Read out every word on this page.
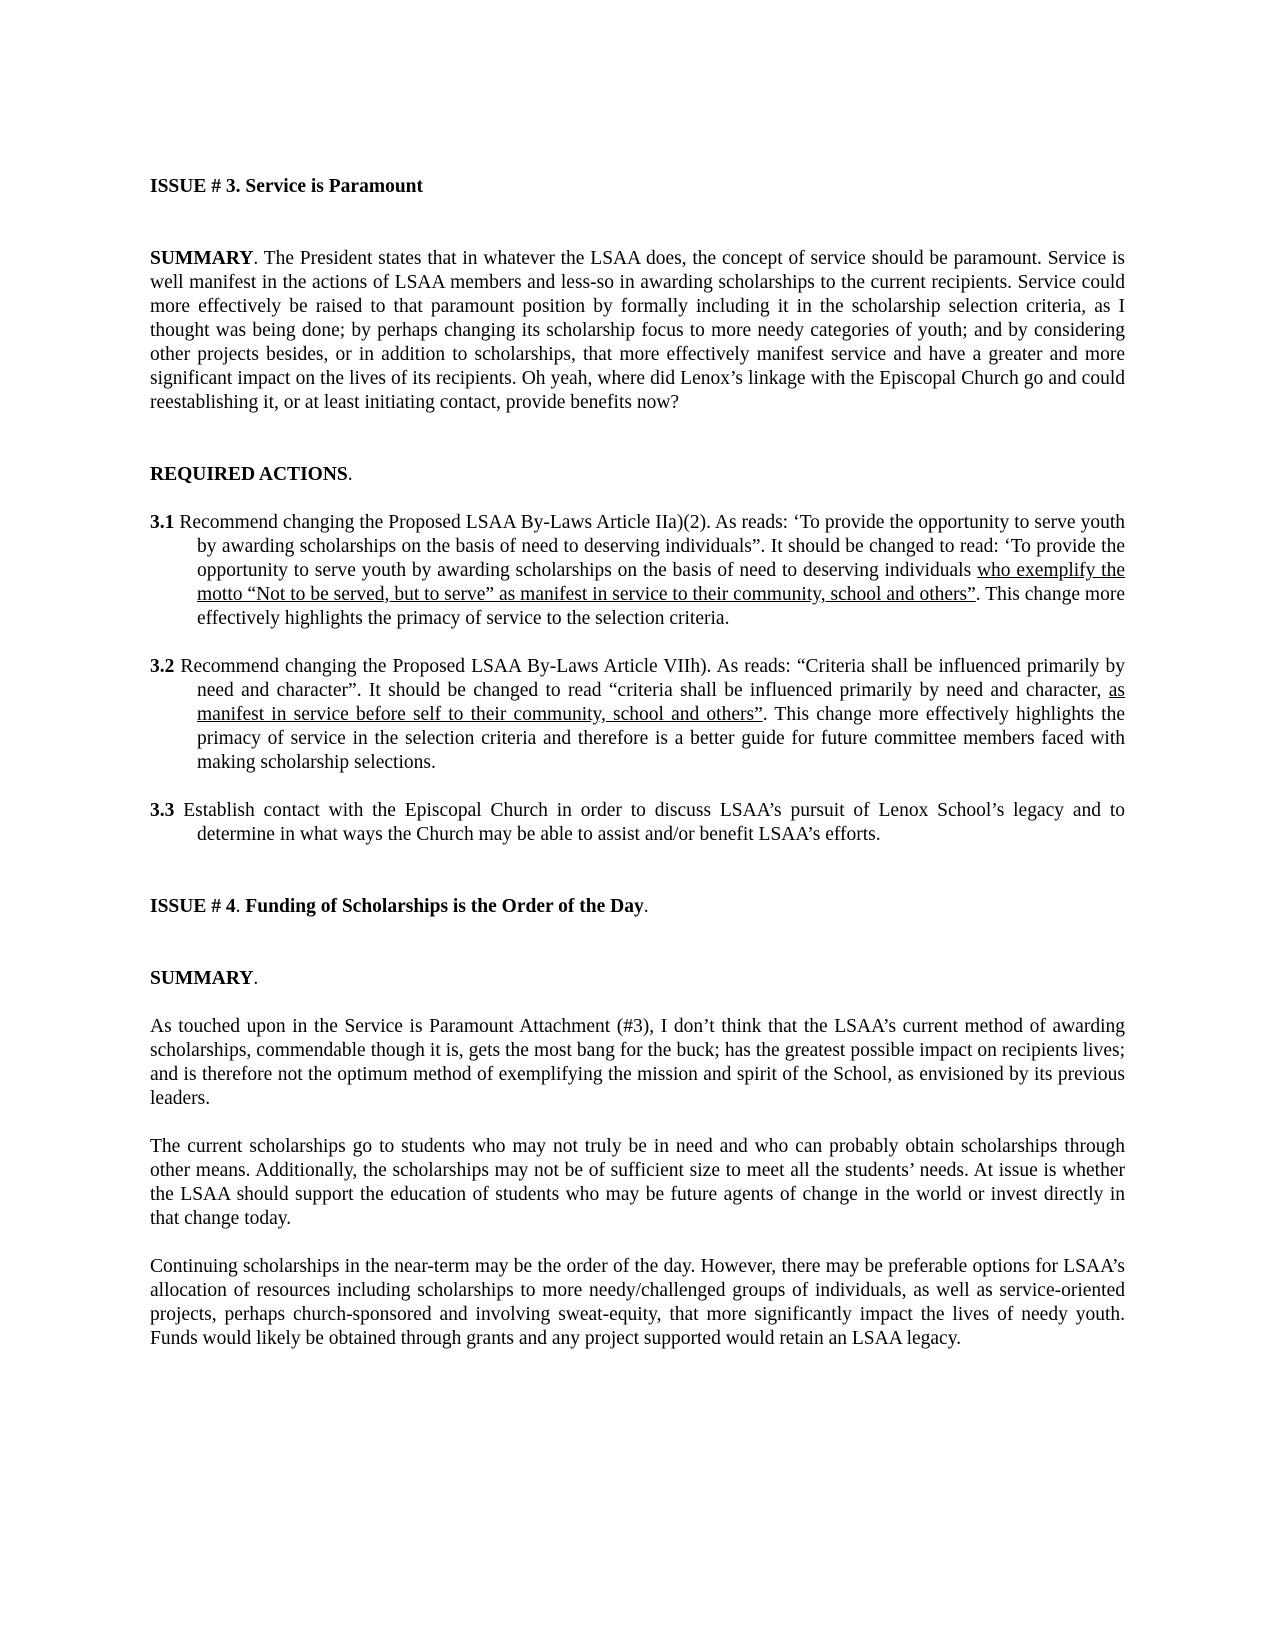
ISSUE # 3. Service is Paramount

SUMMARY. The President states that in whatever the LSAA does, the concept of service should be paramount. Service is well manifest in the actions of LSAA members and less-so in awarding scholarships to the current recipients. Service could more effectively be raised to that paramount position by formally including it in the scholarship selection criteria, as I thought was being done; by perhaps changing its scholarship focus to more needy categories of youth; and by considering other projects besides, or in addition to scholarships, that more effectively manifest service and have a greater and more significant impact on the lives of its recipients. Oh yeah, where did Lenox’s linkage with the Episcopal Church go and could reestablishing it, or at least initiating contact, provide benefits now?

REQUIRED ACTIONS.

3.1 Recommend changing the Proposed LSAA By-Laws Article IIa)(2). As reads: ‘To provide the opportunity to serve youth by awarding scholarships on the basis of need to deserving individuals”. It should be changed to read: ‘To provide the opportunity to serve youth by awarding scholarships on the basis of need to deserving individuals who exemplify the motto “Not to be served, but to serve” as manifest in service to their community, school and others”. This change more effectively highlights the primacy of service to the selection criteria.

3.2 Recommend changing the Proposed LSAA By-Laws Article VIIh). As reads: “Criteria shall be influenced primarily by need and character”. It should be changed to read “criteria shall be influenced primarily by need and character, as manifest in service before self to their community, school and others”. This change more effectively highlights the primacy of service in the selection criteria and therefore is a better guide for future committee members faced with making scholarship selections.

3.3 Establish contact with the Episcopal Church in order to discuss LSAA’s pursuit of Lenox School’s legacy and to determine in what ways the Church may be able to assist and/or benefit LSAA’s efforts.

ISSUE # 4. Funding of Scholarships is the Order of the Day.

SUMMARY.

As touched upon in the Service is Paramount Attachment (#3), I don’t think that the LSAA’s current method of awarding scholarships, commendable though it is, gets the most bang for the buck; has the greatest possible impact on recipients lives; and is therefore not the optimum method of exemplifying the mission and spirit of the School, as envisioned by its previous leaders.

The current scholarships go to students who may not truly be in need and who can probably obtain scholarships through other means. Additionally, the scholarships may not be of sufficient size to meet all the students’ needs. At issue is whether the LSAA should support the education of students who may be future agents of change in the world or invest directly in that change today.

Continuing scholarships in the near-term may be the order of the day. However, there may be preferable options for LSAA’s allocation of resources including scholarships to more needy/challenged groups of individuals, as well as service-oriented projects, perhaps church-sponsored and involving sweat-equity, that more significantly impact the lives of needy youth. Funds would likely be obtained through grants and any project supported would retain an LSAA legacy.
